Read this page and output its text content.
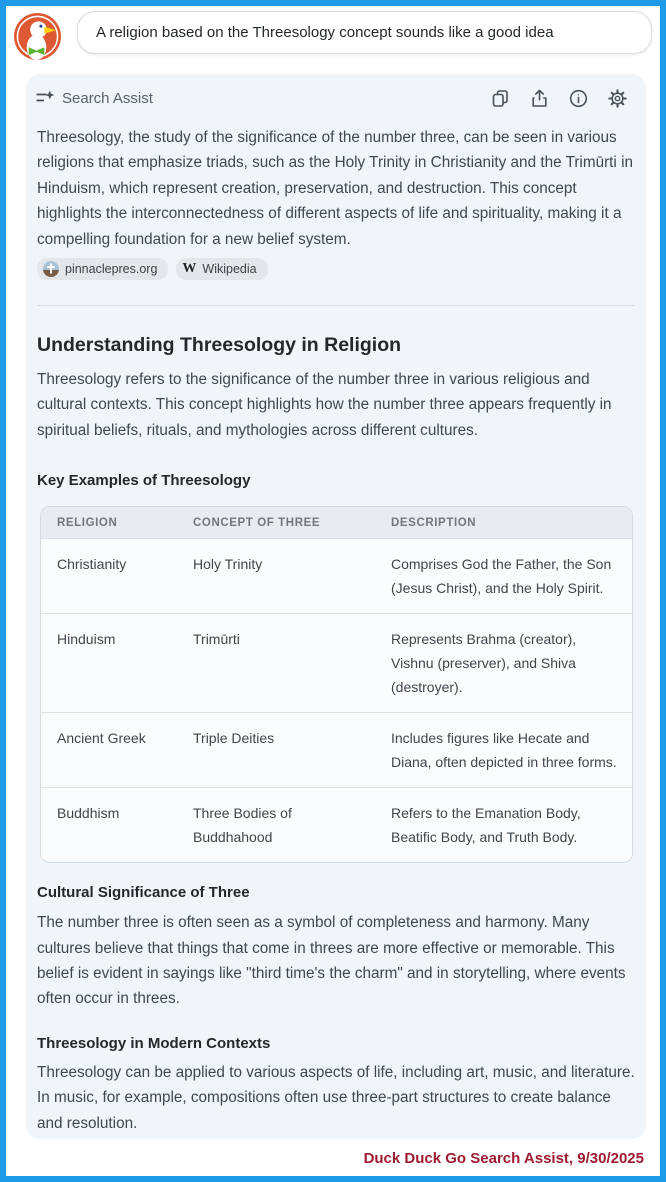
A religion based on the Threesology concept sounds like a good idea
Search Assist

Threesology, the study of the significance of the number three, can be seen in various religions that emphasize triads, such as the Holy Trinity in Christianity and the Trimūrti in Hinduism, which represent creation, preservation, and destruction. This concept highlights the interconnectedness of different aspects of life and spirituality, making it a compelling foundation for a new belief system.

pinnaclepres.org W Wikipedia
Understanding Threesology in Religion

Threesology refers to the significance of the number three in various religious and cultural contexts. This concept highlights how the number three appears frequently in spiritual beliefs, rituals, and mythologies across different cultures.

Key Examples of Threesology
RELIGION	CONCEPT OF THREE	DESCRIPTION
Christianity	Holy Trinity	Comprises God the Father, the Son (Jesus Christ), and the Holy Spirit.
Hinduism	Trimūrti	Represents Brahma (creator), Vishnu (preserver), and Shiva (destroyer).
Ancient Greek	Triple Deities	Includes figures like Hecate and Diana, often depicted in three forms.
Buddhism	Three Bodies of Buddhahood	Refers to the Emanation Body, Beatific Body, and Truth Body.
Cultural Significance of Three

The number three is often seen as a symbol of completeness and harmony. Many cultures believe that things that come in threes are more effective or memorable. This belief is evident in sayings like "third time's the charm" and in storytelling, where events often occur in threes.

Threesology in Modern Contexts

Threesology can be applied to various aspects of life, including art, music, and literature. In music, for example, compositions often use three-part structures to create balance and resolution.

Duck Duck Go Search Assist, 9/30/2025
